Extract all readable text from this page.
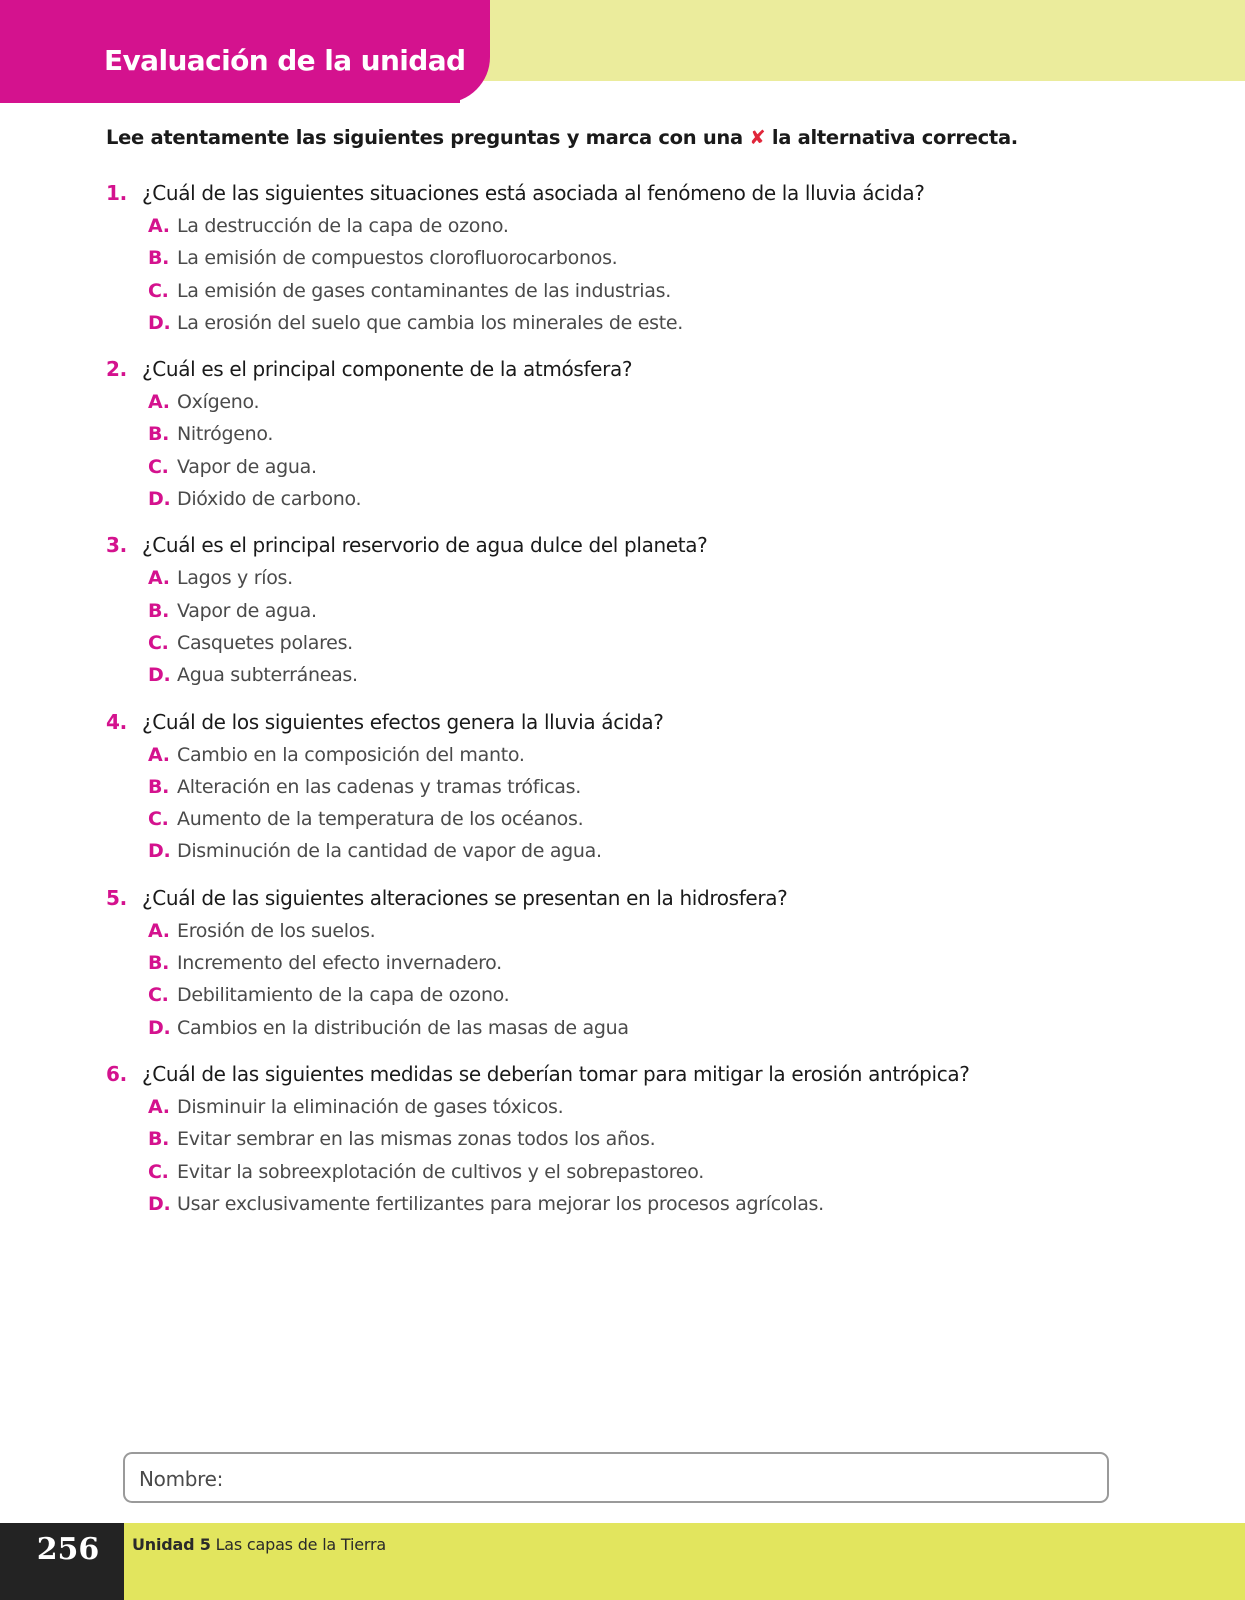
Evaluación de la unidad

Lee atentamente las siguientes preguntas y marca con una ✘ la alternativa correcta.

1. ¿Cuál de las siguientes situaciones está asociada al fenómeno de la lluvia ácida?
A. La destrucción de la capa de ozono.
B. La emisión de compuestos clorofluorocarbonos.
C. La emisión de gases contaminantes de las industrias.
D. La erosión del suelo que cambia los minerales de este.
2. ¿Cuál es el principal componente de la atmósfera?
A. Oxígeno.
B. Nitrógeno.
C. Vapor de agua.
D. Dióxido de carbono.
3. ¿Cuál es el principal reservorio de agua dulce del planeta?
A. Lagos y ríos.
B. Vapor de agua.
C. Casquetes polares.
D. Agua subterráneas.
4. ¿Cuál de los siguientes efectos genera la lluvia ácida?
A. Cambio en la composición del manto.
B. Alteración en las cadenas y tramas tróficas.
C. Aumento de la temperatura de los océanos.
D. Disminución de la cantidad de vapor de agua.
5. ¿Cuál de las siguientes alteraciones se presentan en la hidrosfera?
A. Erosión de los suelos.
B. Incremento del efecto invernadero.
C. Debilitamiento de la capa de ozono.
D. Cambios en la distribución de las masas de agua
6. ¿Cuál de las siguientes medidas se deberían tomar para mitigar la erosión antrópica?
A. Disminuir la eliminación de gases tóxicos.
B. Evitar sembrar en las mismas zonas todos los años.
C. Evitar la sobreexplotación de cultivos y el sobrepastoreo.
D. Usar exclusivamente fertilizantes para mejorar los procesos agrícolas.
Nombre:
256	Unidad 5 Las capas de la Tierra
